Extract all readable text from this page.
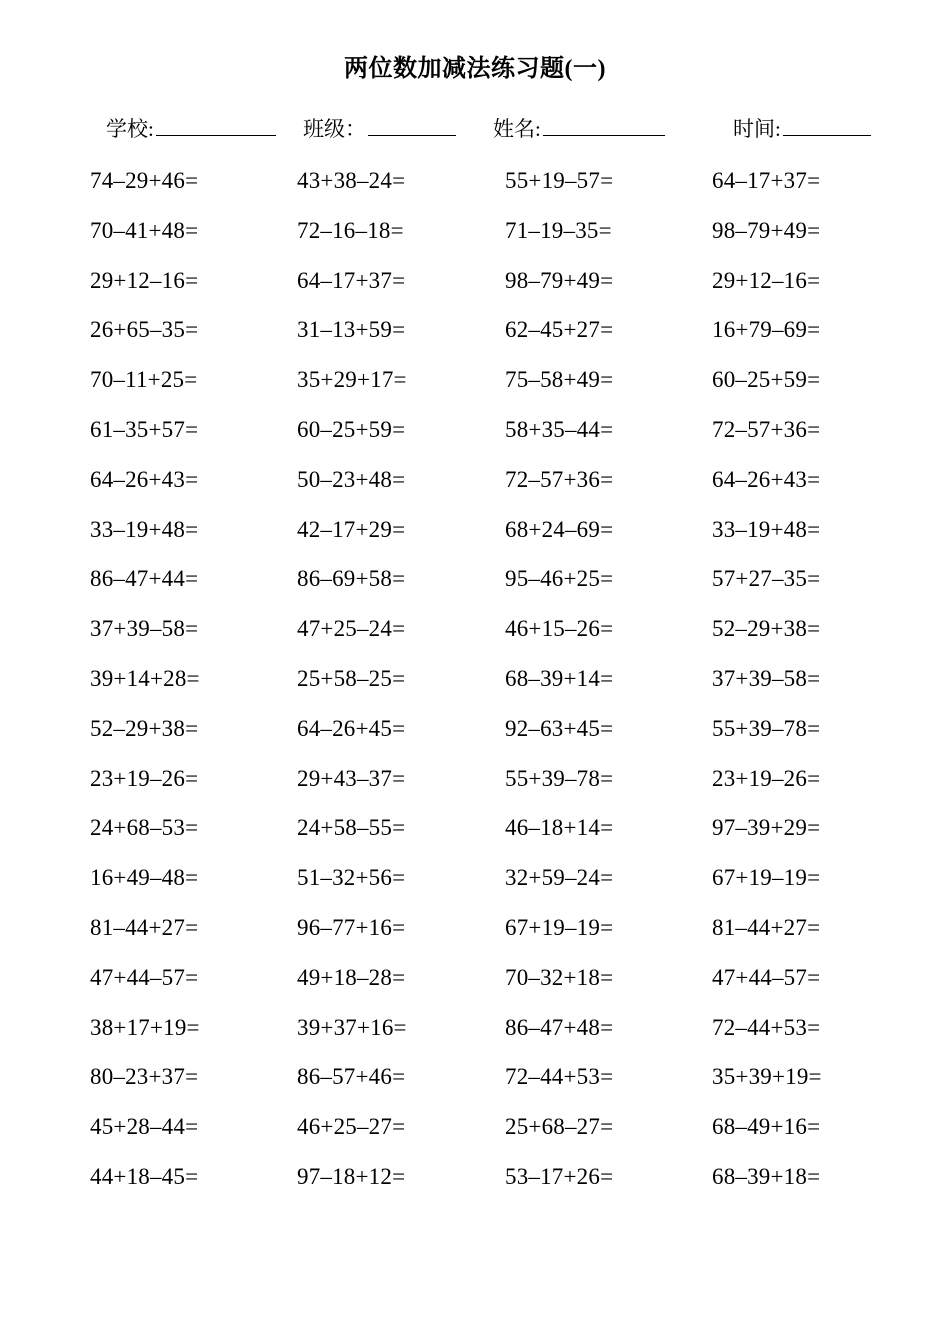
两位数加减法练习题(一)
学校:	班级：	姓名:	时间:
74–29+46=	43+38–24=	55+19–57=	64–17+37=
70–41+48=	72–16–18=	71–19–35=	98–79+49=
29+12–16=	64–17+37=	98–79+49=	29+12–16=
26+65–35=	31–13+59=	62–45+27=	16+79–69=
70–11+25=	35+29+17=	75–58+49=	60–25+59=
61–35+57=	60–25+59=	58+35–44=	72–57+36=
64–26+43=	50–23+48=	72–57+36=	64–26+43=
33–19+48=	42–17+29=	68+24–69=	33–19+48=
86–47+44=	86–69+58=	95–46+25=	57+27–35=
37+39–58=	47+25–24=	46+15–26=	52–29+38=
39+14+28=	25+58–25=	68–39+14=	37+39–58=
52–29+38=	64–26+45=	92–63+45=	55+39–78=
23+19–26=	29+43–37=	55+39–78=	23+19–26=
24+68–53=	24+58–55=	46–18+14=	97–39+29=
16+49–48=	51–32+56=	32+59–24=	67+19–19=
81–44+27=	96–77+16=	67+19–19=	81–44+27=
47+44–57=	49+18–28=	70–32+18=	47+44–57=
38+17+19=	39+37+16=	86–47+48=	72–44+53=
80–23+37=	86–57+46=	72–44+53=	35+39+19=
45+28–44=	46+25–27=	25+68–27=	68–49+16=
44+18–45=	97–18+12=	53–17+26=	68–39+18=
